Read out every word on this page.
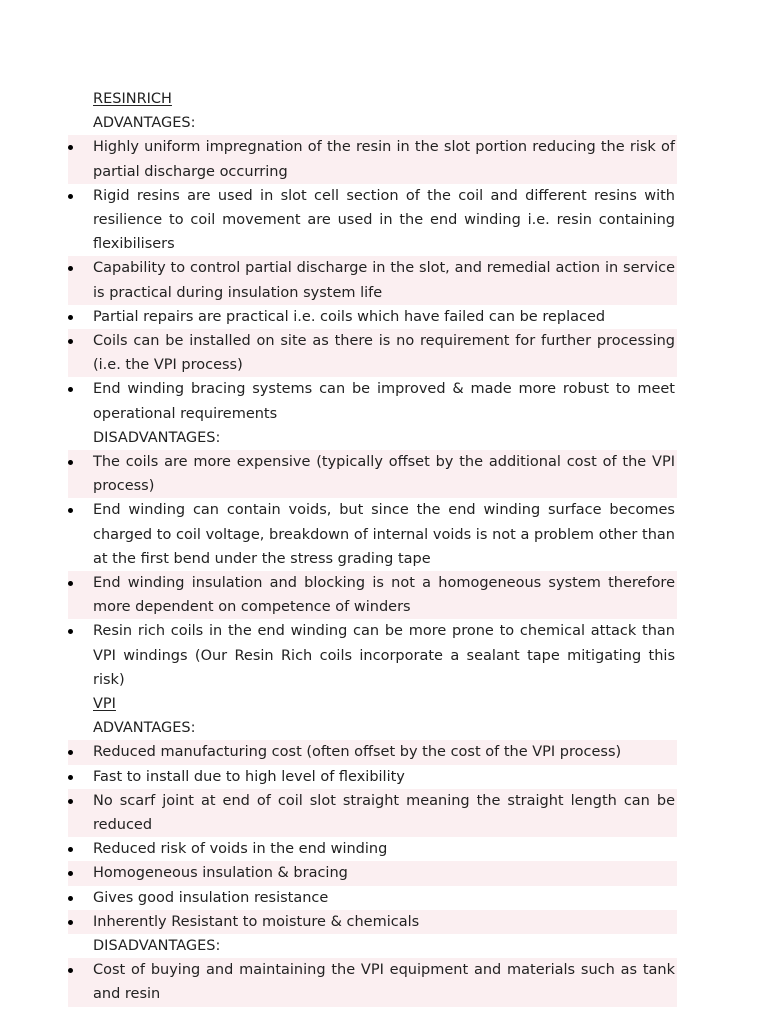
RESINRICH
ADVANTAGES:
Highly uniform impregnation of the resin in the slot portion reducing the risk of partial discharge occurring
Rigid resins are used in slot cell section of the coil and different resins with resilience to coil movement are used in the end winding i.e. resin containing flexibilisers
Capability to control partial discharge in the slot, and remedial action in service is practical during insulation system life
Partial repairs are practical i.e. coils which have failed can be replaced
Coils can be installed on site as there is no requirement for further processing (i.e. the VPI process)
End winding bracing systems can be improved & made more robust to meet operational requirements
DISADVANTAGES:
The coils are more expensive (typically offset by the additional cost of the VPI process)
End winding can contain voids, but since the end winding surface becomes charged to coil voltage, breakdown of internal voids is not a problem other than at the first bend under the stress grading tape
End winding insulation and blocking is not a homogeneous system therefore more dependent on competence of winders
Resin rich coils in the end winding can be more prone to chemical attack than VPI windings (Our Resin Rich coils incorporate a sealant tape mitigating this risk)
VPI
ADVANTAGES:
Reduced manufacturing cost (often offset by the cost of the VPI process)
Fast to install due to high level of flexibility
No scarf joint at end of coil slot straight meaning the straight length can be reduced
Reduced risk of voids in the end winding
Homogeneous insulation & bracing
Gives good insulation resistance
Inherently Resistant to moisture & chemicals
DISADVANTAGES:
Cost of buying and maintaining the VPI equipment and materials such as tank and resin
